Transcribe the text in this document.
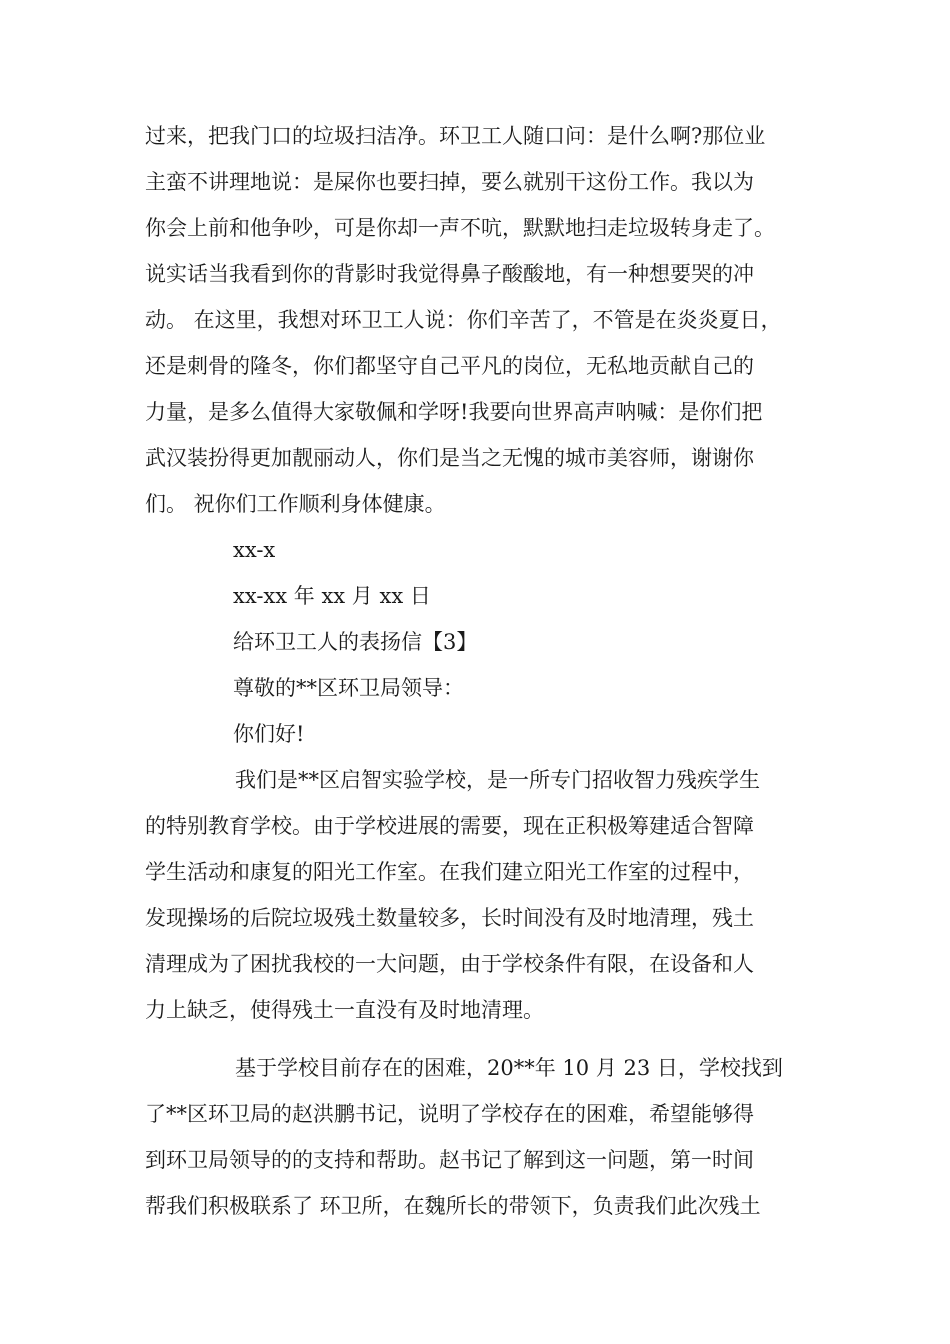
过来，把我门口的垃圾扫洁净。环卫工人随口问：是什么啊?那位业
主蛮不讲理地说：是屎你也要扫掉，要么就别干这份工作。我以为
你会上前和他争吵，可是你却一声不吭，默默地扫走垃圾转身走了。
说实话当我看到你的背影时我觉得鼻子酸酸地，有一种想要哭的冲
动。 在这里，我想对环卫工人说：你们辛苦了，不管是在炎炎夏日，
还是刺骨的隆冬，你们都坚守自己平凡的岗位，无私地贡献自己的
力量，是多么值得大家敬佩和学呀!我要向世界高声呐喊：是你们把
武汉装扮得更加靓丽动人，你们是当之无愧的城市美容师，谢谢你
们。 祝你们工作顺利身体健康。
xx-x
xx-xx 年 xx 月 xx 日
给环卫工人的表扬信【3】
尊敬的**区环卫局领导：
你们好!
我们是**区启智实验学校，是一所专门招收智力残疾学生
的特别教育学校。由于学校进展的需要，现在正积极筹建适合智障
学生活动和康复的阳光工作室。在我们建立阳光工作室的过程中，
发现操场的后院垃圾残土数量较多，长时间没有及时地清理，残土
清理成为了困扰我校的一大问题，由于学校条件有限，在设备和人
力上缺乏，使得残土一直没有及时地清理。
基于学校目前存在的困难，20**年 10 月 23 日，学校找到
了**区环卫局的赵洪鹏书记，说明了学校存在的困难，希望能够得
到环卫局领导的的支持和帮助。赵书记了解到这一问题，第一时间
帮我们积极联系了 环卫所，在魏所长的带领下，负责我们此次残土
